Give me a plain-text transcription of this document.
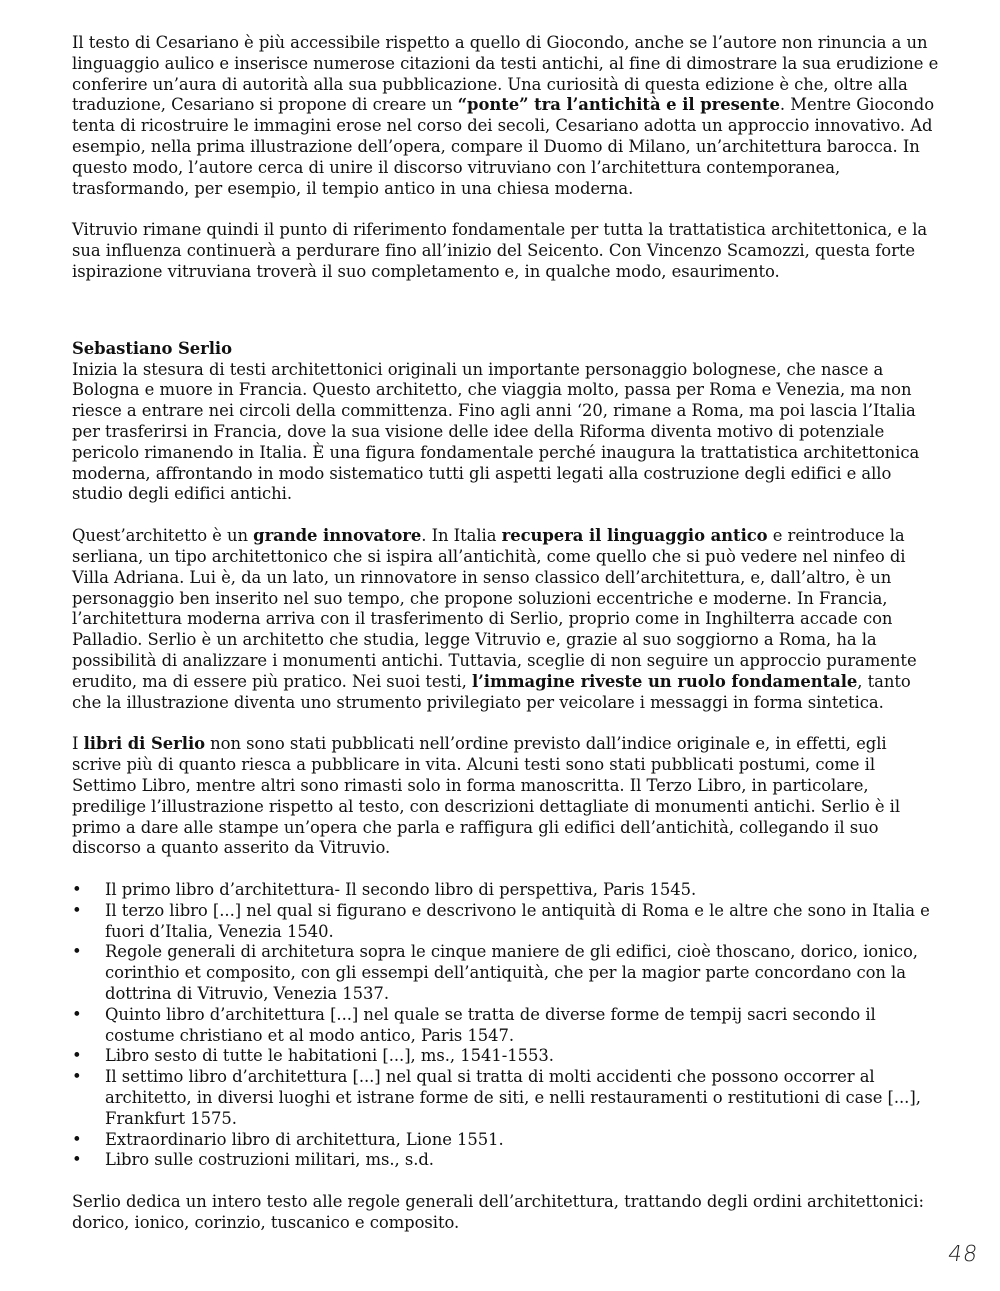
Il testo di Cesariano è più accessibile rispetto a quello di Giocondo, anche se l’autore non rinuncia a un linguaggio aulico e inserisce numerose citazioni da testi antichi, al fine di dimostrare la sua erudizione e conferire un’aura di autorità alla sua pubblicazione. Una curiosità di questa edizione è che, oltre alla traduzione, Cesariano si propone di creare un “ponte” tra l’antichità e il presente. Mentre Giocondo tenta di ricostruire le immagini erose nel corso dei secoli, Cesariano adotta un approccio innovativo. Ad esempio, nella prima illustrazione dell’opera, compare il Duomo di Milano, un’architettura barocca. In questo modo, l’autore cerca di unire il discorso vitruviano con l’architettura contemporanea, trasformando, per esempio, il tempio antico in una chiesa moderna.

Vitruvio rimane quindi il punto di riferimento fondamentale per tutta la trattatistica architettonica, e la sua influenza continuerà a perdurare fino all’inizio del Seicento. Con Vincenzo Scamozzi, questa forte ispirazione vitruviana troverà il suo completamento e, in qualche modo, esaurimento.

Sebastiano Serlio

Inizia la stesura di testi architettonici originali un importante personaggio bolognese, che nasce a Bologna e muore in Francia. Questo architetto, che viaggia molto, passa per Roma e Venezia, ma non riesce a entrare nei circoli della committenza. Fino agli anni ‘20, rimane a Roma, ma poi lascia l’Italia per trasferirsi in Francia, dove la sua visione delle idee della Riforma diventa motivo di potenziale pericolo rimanendo in Italia. È una figura fondamentale perché inaugura la trattatistica architettonica moderna, affrontando in modo sistematico tutti gli aspetti legati alla costruzione degli edifici e allo studio degli edifici antichi.

Quest’architetto è un grande innovatore. In Italia recupera il linguaggio antico e reintroduce la serliana, un tipo architettonico che si ispira all’antichità, come quello che si può vedere nel ninfeo di Villa Adriana. Lui è, da un lato, un rinnovatore in senso classico dell’architettura, e, dall’altro, è un personaggio ben inserito nel suo tempo, che propone soluzioni eccentriche e moderne. In Francia, l’architettura moderna arriva con il trasferimento di Serlio, proprio come in Inghilterra accade con Palladio. Serlio è un architetto che studia, legge Vitruvio e, grazie al suo soggiorno a Roma, ha la possibilità di analizzare i monumenti antichi. Tuttavia, sceglie di non seguire un approccio puramente erudito, ma di essere più pratico. Nei suoi testi, l’immagine riveste un ruolo fondamentale, tanto che la illustrazione diventa uno strumento privilegiato per veicolare i messaggi in forma sintetica.

I libri di Serlio non sono stati pubblicati nell’ordine previsto dall’indice originale e, in effetti, egli scrive più di quanto riesca a pubblicare in vita. Alcuni testi sono stati pubblicati postumi, come il Settimo Libro, mentre altri sono rimasti solo in forma manoscritta. Il Terzo Libro, in particolare, predilige l’illustrazione rispetto al testo, con descrizioni dettagliate di monumenti antichi. Serlio è il primo a dare alle stampe un’opera che parla e raffigura gli edifici dell’antichità, collegando il suo discorso a quanto asserito da Vitruvio.

•	Il primo libro d’architettura- Il secondo libro di perspettiva, Paris 1545.
•	Il terzo libro [...] nel qual si figurano e descrivono le antiquità di Roma e le altre che sono in Italia e fuori d’Italia, Venezia 1540.
•	Regole generali di architetura sopra le cinque maniere de gli edifici, cioè thoscano, dorico, ionico, corinthio et composito, con gli essempi dell’antiquità, che per la magior parte concordano con la dottrina di Vitruvio, Venezia 1537.
•	Quinto libro d’architettura [...] nel quale se tratta de diverse forme de tempij sacri secondo il costume christiano et al modo antico, Paris 1547.
•	Libro sesto di tutte le habitationi [...], ms., 1541-1553.
•	Il settimo libro d’architettura [...] nel qual si tratta di molti accidenti che possono occorrer al architetto, in diversi luoghi et istrane forme de siti, e nelli restauramenti o restitutioni di case [...], Frankfurt 1575.
•	Extraordinario libro di architettura, Lione 1551.
•	Libro sulle costruzioni militari, ms., s.d.

Serlio dedica un intero testo alle regole generali dell’architettura, trattando degli ordini architettonici: dorico, ionico, corinzio, tuscanico e composito.

48
